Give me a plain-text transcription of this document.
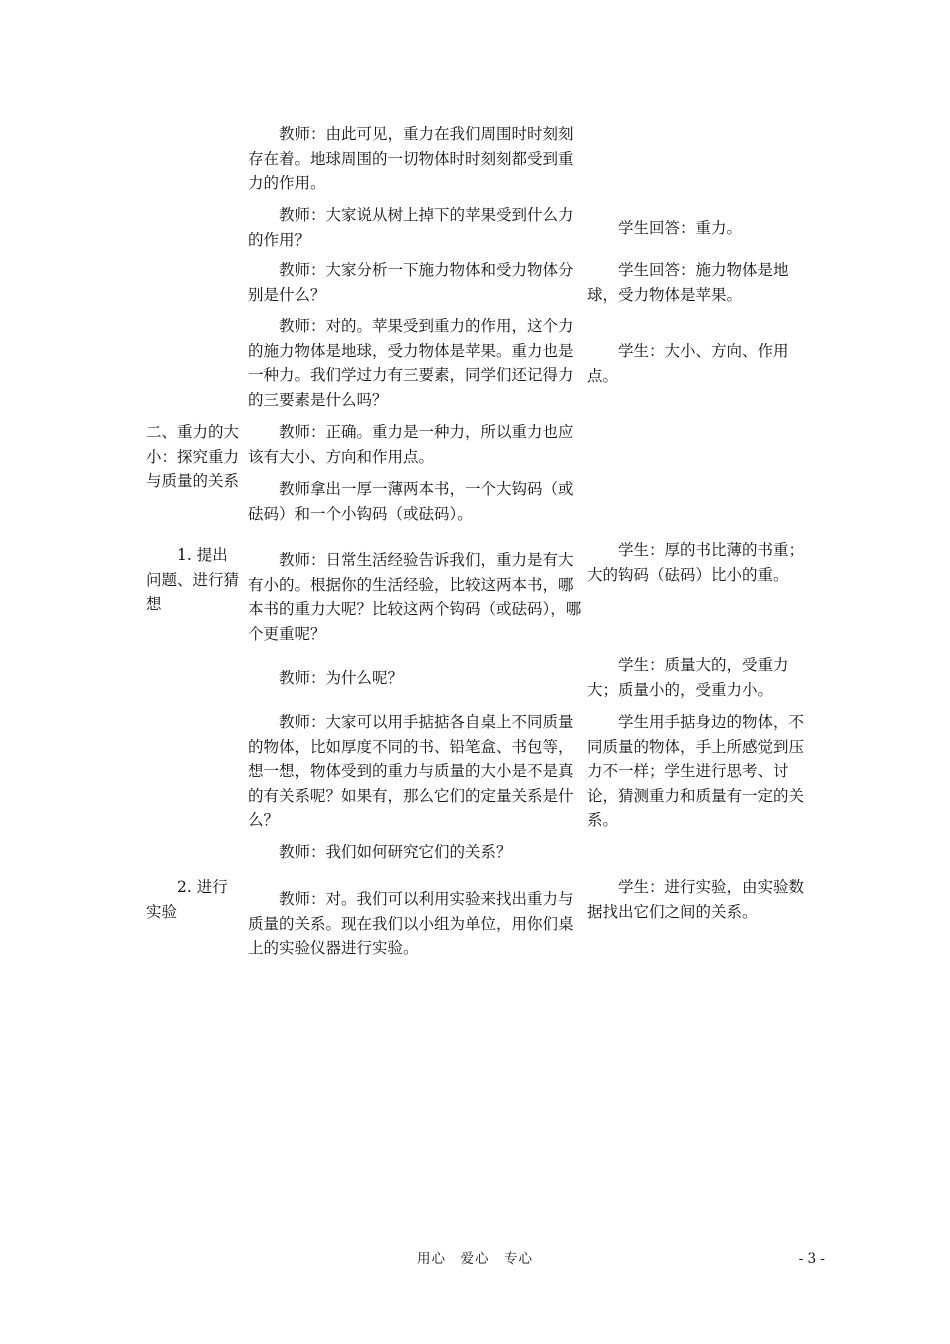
教师：由此可见，重力在我们周围时时刻刻存在着。地球周围的一切物体时时刻刻都受到重力的作用。

教师：大家说从树上掉下的苹果受到什么力的作用？

学生回答：重力。

教师：大家分析一下施力物体和受力物体分别是什么？

学生回答：施力物体是地球，受力物体是苹果。

教师：对的。苹果受到重力的作用，这个力的施力物体是地球，受力物体是苹果。重力也是一种力。我们学过力有三要素，同学们还记得力的三要素是什么吗？

学生：大小、方向、作用点。

二、重力的大小：探究重力与质量的关系

教师：正确。重力是一种力，所以重力也应该有大小、方向和作用点。

教师拿出一厚一薄两本书，一个大钩码（或砝码）和一个小钩码（或砝码）。

1. 提出问题、进行猜想

教师：日常生活经验告诉我们，重力是有大有小的。根据你的生活经验，比较这两本书，哪本书的重力大呢？比较这两个钩码（或砝码），哪个更重呢？

学生：厚的书比薄的书重；大的钩码（砝码）比小的重。

教师：为什么呢？

学生：质量大的，受重力大；质量小的，受重力小。

教师：大家可以用手掂掂各自桌上不同质量的物体，比如厚度不同的书、铅笔盒、书包等，想一想，物体受到的重力与质量的大小是不是真的有关系呢？如果有，那么它们的定量关系是什么？

学生用手掂身边的物体，不同质量的物体，手上所感觉到压力不一样；学生进行思考、讨论，猜测重力和质量有一定的关系。

教师：我们如何研究它们的关系？

2. 进行实验

教师：对。我们可以利用实验来找出重力与质量的关系。现在我们以小组为单位，用你们桌上的实验仪器进行实验。

学生：进行实验，由实验数据找出它们之间的关系。

用心　爱心　专心	- 3 -
